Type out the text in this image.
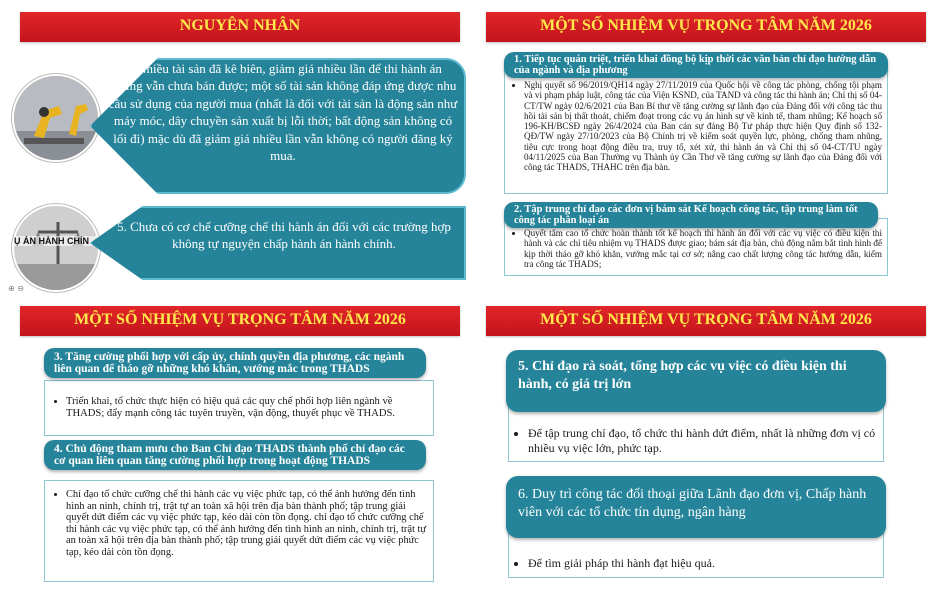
NGUYÊN NHÂN
4. Nhiều tài sản đã kê biên, giảm giá nhiều lần để thi hành án nhưng vẫn chưa bán được; một số tài sản không đáp ứng được nhu cầu sử dụng của người mua (nhất là đối với tài sản là động sản như máy móc, dây chuyền sản xuất bị lỗi thời; bất động sản không có lối đi) mặc dù đã giảm giá nhiều lần vẫn không có người đăng ký mua.
Ụ ÁN HÀNH CHÍN
5. Chưa có cơ chế cưỡng chế thi hành án đối với các trường hợp không tự nguyện chấp hành án hành chính.
⊕ ⊖
MỘT SỐ NHIỆM VỤ TRỌNG TÂM NĂM 2026
1. Tiếp tục quán triệt, triển khai đồng bộ kịp thời các văn bản chỉ đạo hướng dẫn của ngành và địa phương
• Nghị quyết số 96/2019/QH14 ngày 27/11/2019 của Quốc hội về công tác phòng, chống tội phạm và vi phạm pháp luật, công tác của Viện KSND, của TAND và công tác thi hành án; Chỉ thị số 04-CT/TW ngày 02/6/2021 của Ban Bí thư về tăng cường sự lãnh đạo của Đảng đối với công tác thu hồi tài sản bị thất thoát, chiếm đoạt trong các vụ án hình sự về kinh tế, tham nhũng; Kế hoạch số 196-KH/BCSĐ ngày 26/4/2024 của Ban cán sự đảng Bộ Tư pháp thực hiện Quy định số 132-QĐ/TW ngày 27/10/2023 của Bộ Chính trị về kiểm soát quyền lực, phòng, chống tham nhũng, tiêu cực trong hoạt động điều tra, truy tố, xét xử, thi hành án và Chỉ thị số 04-CT/TU ngày 04/11/2025 của Ban Thường vụ Thành ủy Cần Thơ về tăng cường sự lãnh đạo của Đảng đối với công tác THADS, THAHC trên địa bàn.
2. Tập trung chỉ đạo các đơn vị bám sát Kế hoạch công tác, tập trung làm tốt công tác phân loại án
• Quyết tâm cao tổ chức hoàn thành tốt kế hoạch thi hành án đối với các vụ việc có điều kiện thi hành và các chỉ tiêu nhiệm vụ THADS được giao; bám sát địa bàn, chủ động nắm bắt tình hình để kịp thời tháo gỡ khó khăn, vướng mắc tại cơ sở; nâng cao chất lượng công tác hướng dẫn, kiểm tra công tác THADS;
MỘT SỐ NHIỆM VỤ TRỌNG TÂM NĂM 2026
3. Tăng cường phối hợp với cấp ủy, chính quyền địa phương, các ngành liên quan để tháo gỡ những khó khăn, vướng mắc trong THADS
• Triển khai, tổ chức thực hiện có hiệu quả các quy chế phối hợp liên ngành về THADS; đẩy mạnh công tác tuyên truyền, vận động, thuyết phục về THADS.
4. Chủ động tham mưu cho Ban Chỉ đạo THADS thành phố chỉ đạo các cơ quan liên quan tăng cường phối hợp trong hoạt động THADS
• Chỉ đạo tổ chức cưỡng chế thi hành các vụ việc phức tạp, có thể ảnh hưởng đến tình hình an ninh, chính trị, trật tự an toàn xã hội trên địa bàn thành phố; tập trung giải quyết dứt điểm các vụ việc phức tạp, kéo dài còn tồn đọng. chỉ đạo tổ chức cưỡng chế thi hành các vụ việc phức tạp, có thể ảnh hưởng đến tình hình an ninh, chính trị, trật tự an toàn xã hội trên địa bàn thành phố; tập trung giải quyết dứt điểm các vụ việc phức tạp, kéo dài còn tồn đọng.
MỘT SỐ NHIỆM VỤ TRỌNG TÂM NĂM 2026
5. Chỉ đạo rà soát, tổng hợp các vụ việc có điều kiện thi hành, có giá trị lớn
• Để tập trung chỉ đạo, tổ chức thi hành dứt điểm, nhất là những đơn vị có nhiều vụ việc lớn, phức tạp.
6. Duy trì công tác đối thoại giữa Lãnh đạo đơn vị, Chấp hành viên với các tổ chức tín dụng, ngân hàng
• Để tìm giải pháp thi hành đạt hiệu quả.
